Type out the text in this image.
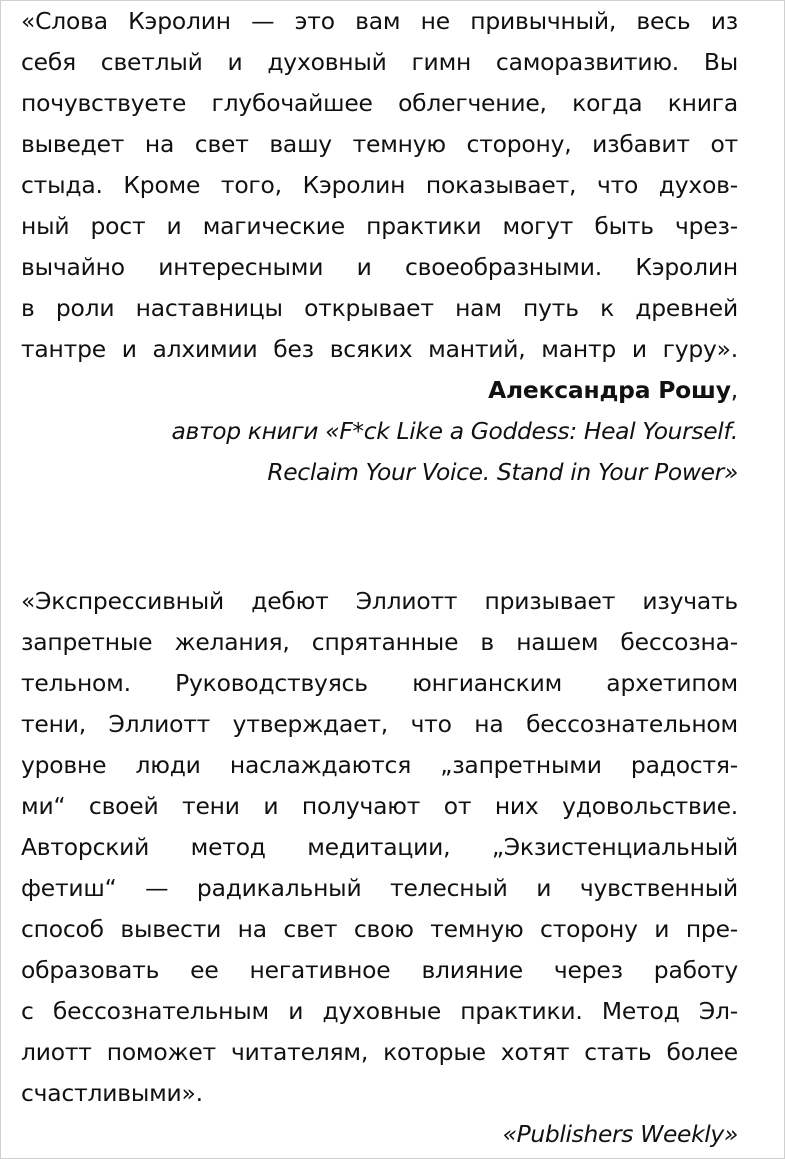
«Слова Кэролин — это вам не привычный, весь из
себя светлый и духовный гимн саморазвитию. Вы
почувствуете глубочайшее облегчение, когда книга
выведет на свет вашу темную сторону, избавит от
стыда. Кроме того, Кэролин показывает, что духов-
ный рост и магические практики могут быть чрез-
вычайно интересными и своеобразными. Кэролин
в роли наставницы открывает нам путь к древней
тантре и алхимии без всяких мантий, мантр и гуру».
Александра Рошу,
автор книги «F*ck Like a Goddess: Heal Yourself.
Reclaim Your Voice. Stand in Your Power»
«Экспрессивный дебют Эллиотт призывает изучать
запретные желания, спрятанные в нашем бессозна-
тельном. Руководствуясь юнгианским архетипом
тени, Эллиотт утверждает, что на бессознательном
уровне люди наслаждаются „запретными радостя-
ми“ своей тени и получают от них удовольствие.
Авторский метод медитации, „Экзистенциальный
фетиш“ — радикальный телесный и чувственный
способ вывести на свет свою темную сторону и пре-
образовать ее негативное влияние через работу
с бессознательным и духовные практики. Метод Эл-
лиотт поможет читателям, которые хотят стать более
счастливыми».
«Publishers Weekly»
